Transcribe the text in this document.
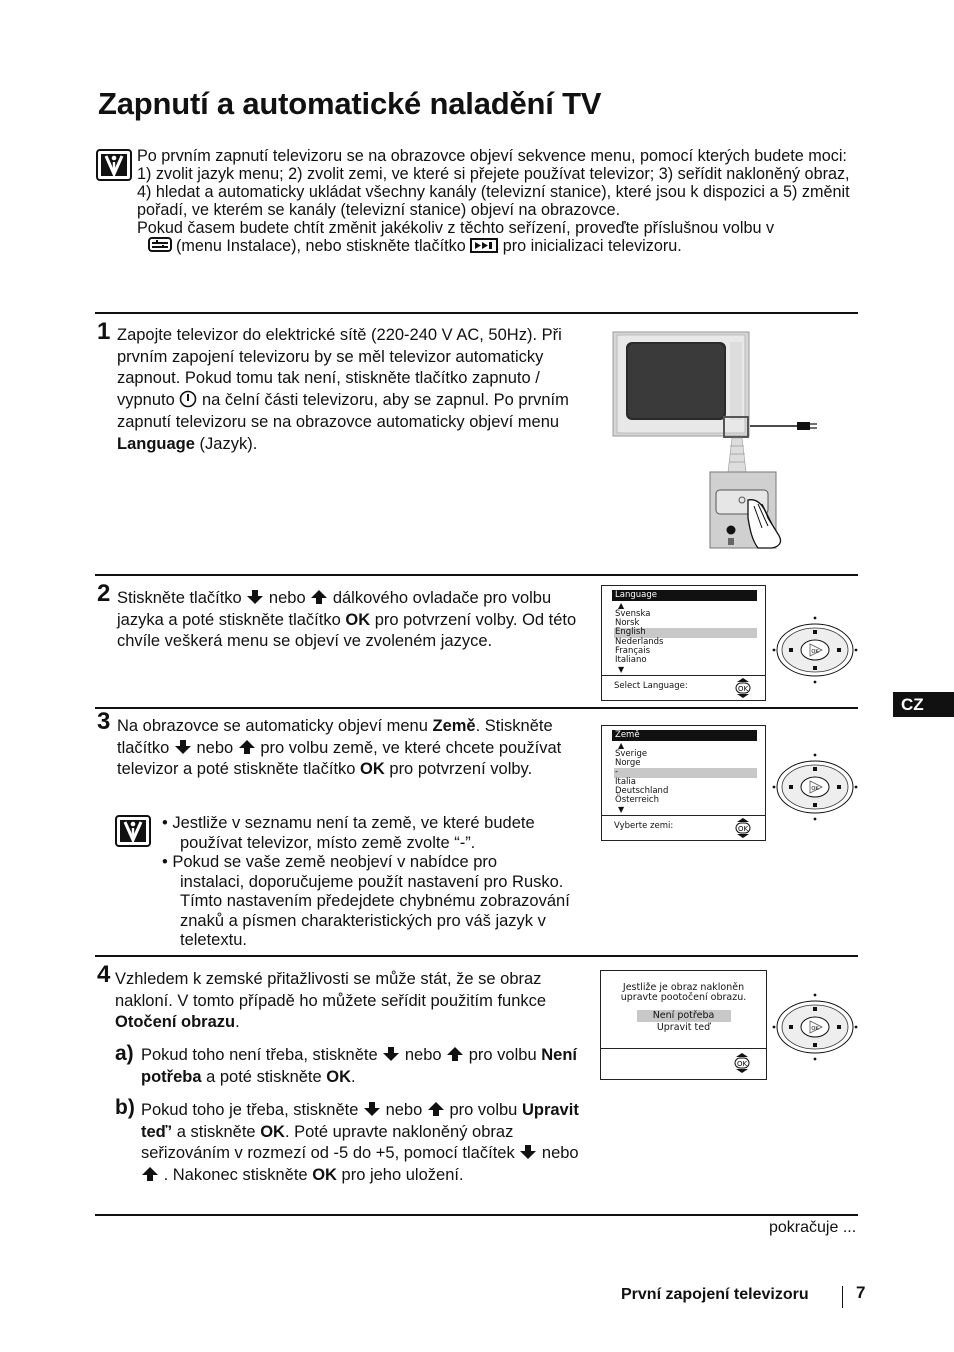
Zapnutí a automatické naladění TV

Po prvním zapnutí televizoru se na obrazovce objeví sekvence menu, pomocí kterých budete moci:

1) zvolit jazyk menu; 2) zvolit zemi, ve které si přejete používat televizor; 3) seřídit nakloněný obraz, 4) hledat a automaticky ukládat všechny kanály (televizní stanice), které jsou k dispozici a 5) změnit pořadí, ve kterém se kanály (televizní stanice) objeví na obrazovce.

Pokud časem budete chtít změnit jakékoliv z těchto seřízení, proveďte příslušnou volbu v
(menu Instalace), nebo stiskněte tlačítko pro inicializaci televizoru.

1 Zapojte televizor do elektrické sítě (220-240 V AC, 50Hz). Při prvním zapojení televizoru by se měl televizor automaticky zapnout. Pokud tomu tak není, stiskněte tlačítko zapnuto / vypnuto na čelní části televizoru, aby se zapnul. Po prvním zapnutí televizoru se na obrazovce automaticky objeví menu Language (Jazyk).

2 Stiskněte tlačítko nebo dálkového ovladače pro volbu jazyka a poté stiskněte tlačítko OK pro potvrzení volby. Od této chvíle veškerá menu se objeví ve zvoleném jazyce.

Language
▲
Svenska
Norsk
English
Nederlands
Français
Italiano
▼
Select Language:	OK
OK
CZ
3 Na obrazovce se automaticky objeví menu Země. Stiskněte tlačítko nebo pro volbu země, ve které chcete používat televizor a poté stiskněte tlačítko OK pro potvrzení volby.

• Jestliže v seznamu není ta země, ve které budete
používat televizor, místo země zvolte “-”.
• Pokud se vaše země neobjeví v nabídce pro
instalaci, doporučujeme použít nastavení pro Rusko. Tímto nastavením předejdete chybnému zobrazování znaků a písmen charakteristických pro váš jazyk v teletextu.
Země
▲
Sverige
Norge
-
Italia
Deutschland
Österreich
▼
Vyberte zemi:	OK
OK
4 Vzhledem k zemské přitažlivosti se může stát, že se obraz nakloní. V tomto případě ho můžete seřídit použitím funkce Otočení obrazu.

a) Pokud toho není třeba, stiskněte nebo pro volbu Není potřeba a poté stiskněte OK.

b) Pokud toho je třeba, stiskněte nebo pro volbu Upravit teď’ a stiskněte OK. Poté upravte nakloněný obraz seřizováním v rozmezí od -5 do +5, pomocí tlačítek nebo  . Nakonec stiskněte OK pro jeho uložení.

Jestliže je obraz nakloněn
upravte pootočení obrazu.
Není potřeba
Upravit teď
OK
OK
pokračuje ...
První zapojení televizoru	7
